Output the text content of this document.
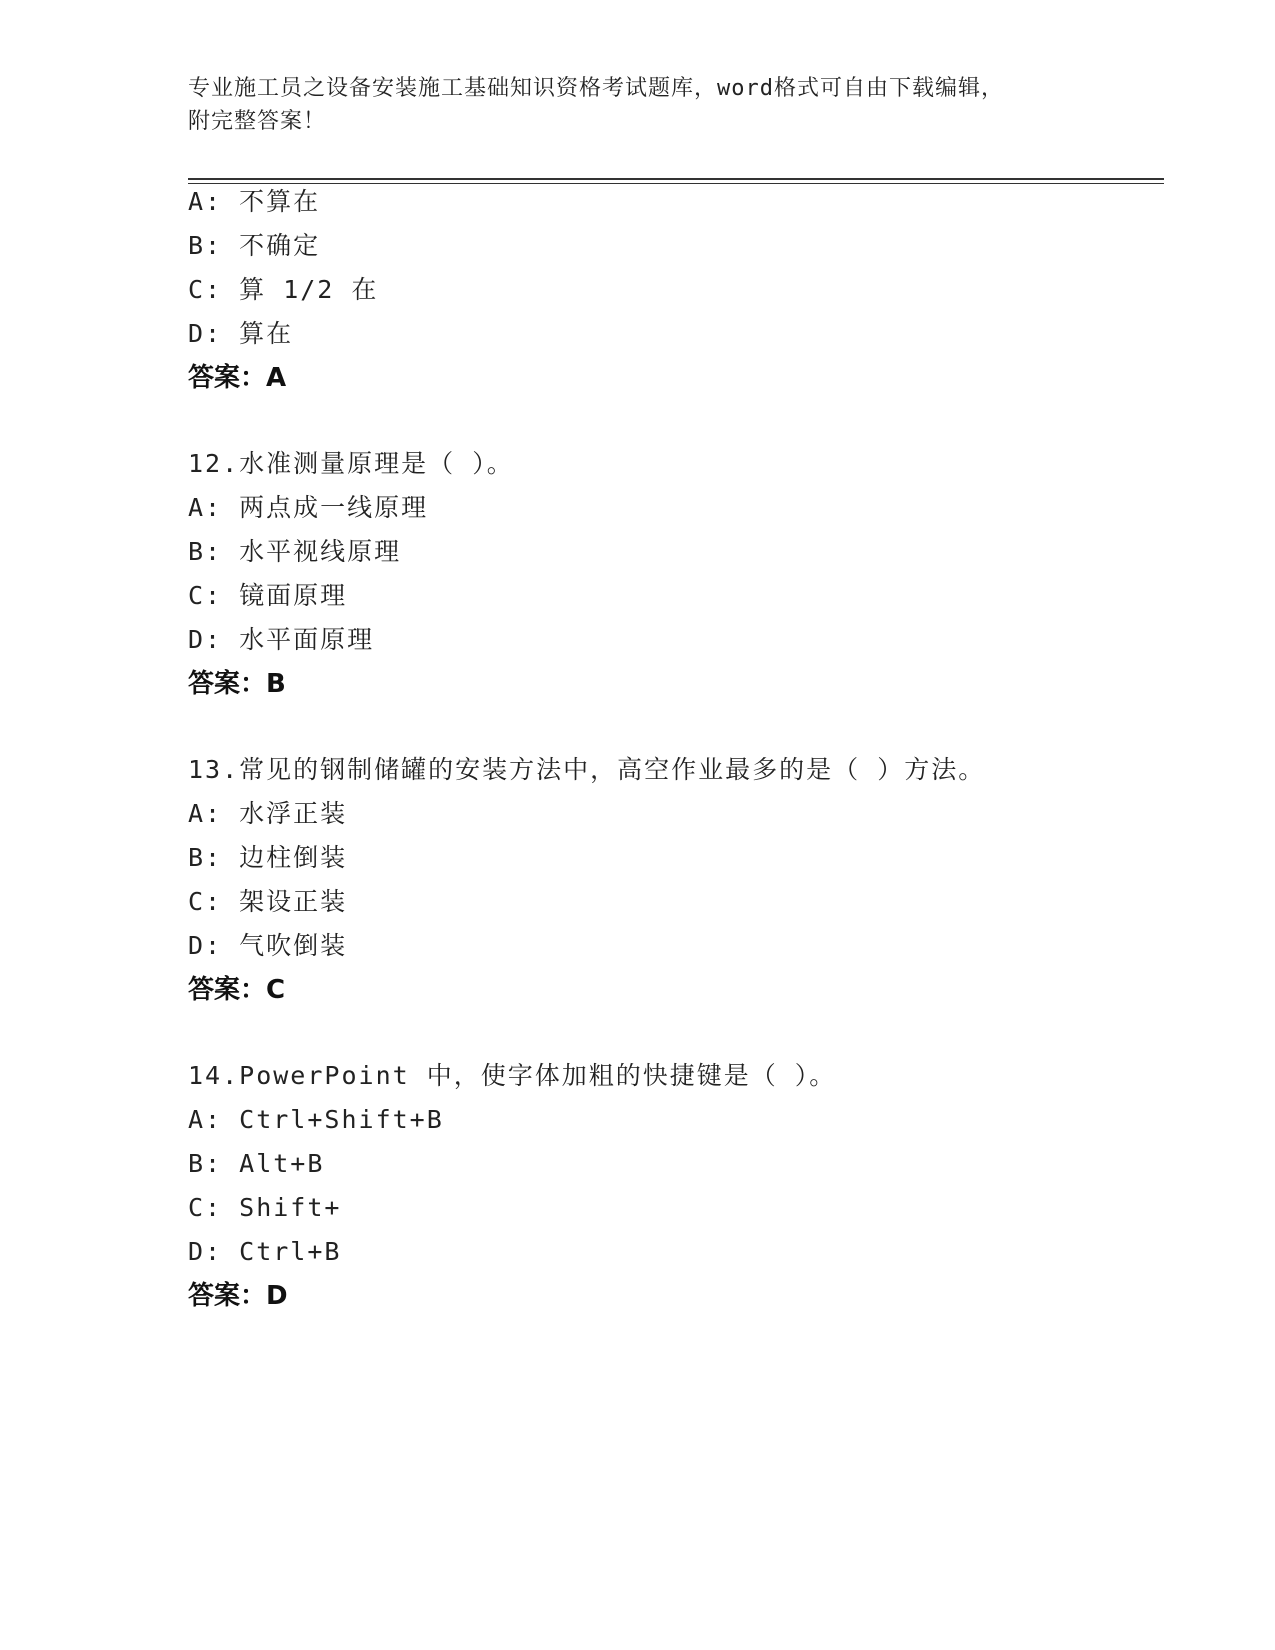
专业施工员之设备安装施工基础知识资格考试题库，word格式可自由下载编辑，
附完整答案！
A: 不算在
B: 不确定
C: 算 1/2 在
D: 算在
答案：A
12.水准测量原理是（ ）。
A: 两点成一线原理
B: 水平视线原理
C: 镜面原理
D: 水平面原理
答案：B
13.常见的钢制储罐的安装方法中，高空作业最多的是（ ）方法。
A: 水浮正装
B: 边柱倒装
C: 架设正装
D: 气吹倒装
答案：C
14.PowerPoint 中，使字体加粗的快捷键是（ ）。
A: Ctrl+Shift+B
B: Alt+B
C: Shift+
D: Ctrl+B
答案：D
